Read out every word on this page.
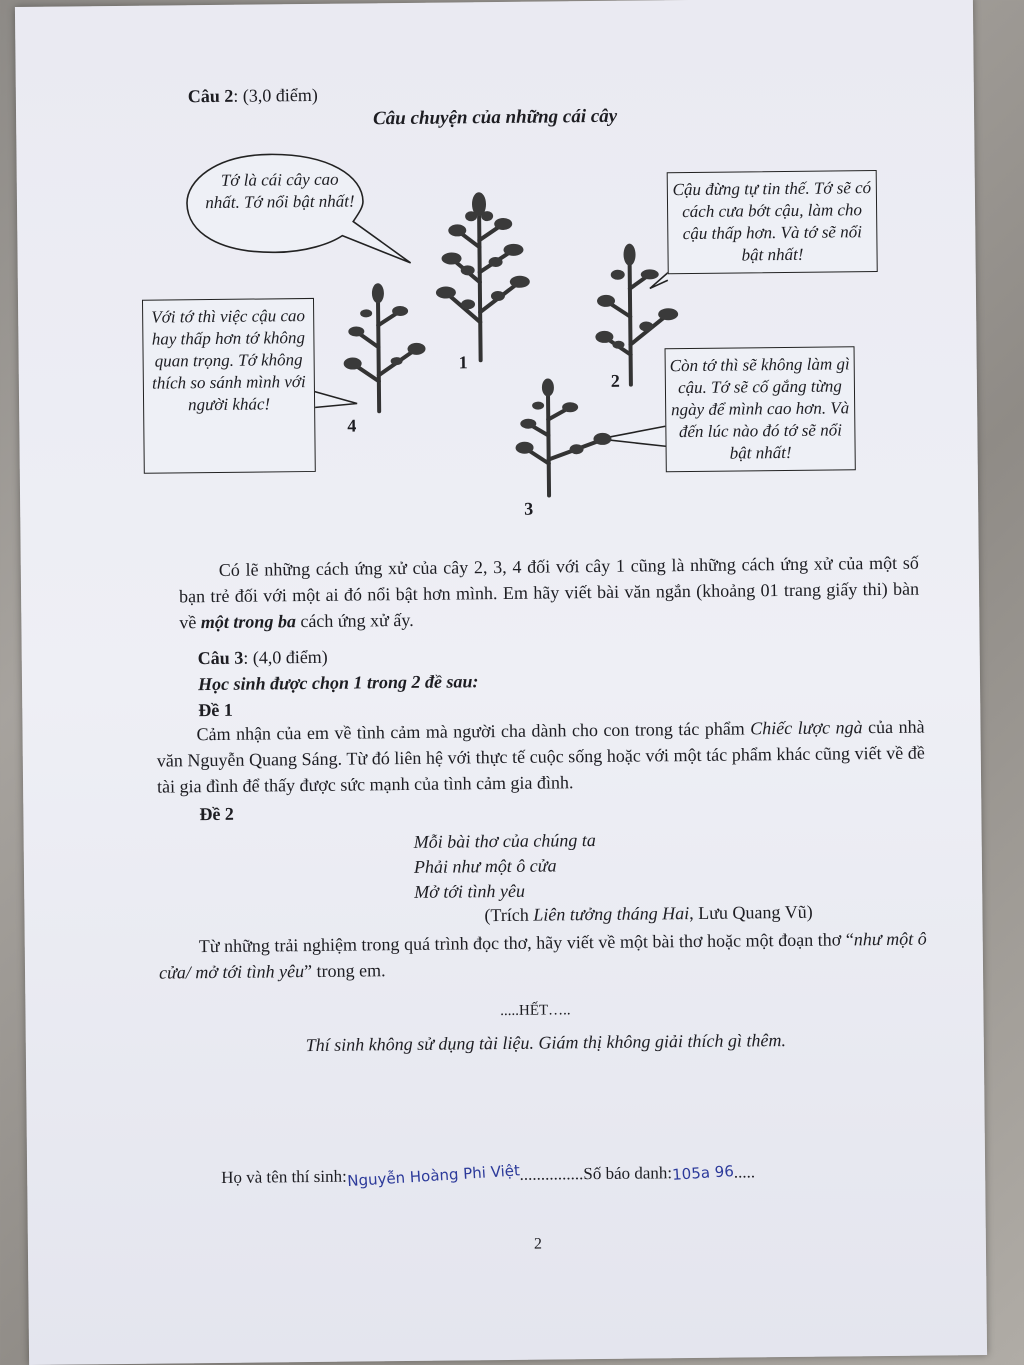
Câu 2: (3,0 điểm)
Câu chuyện của những cái cây
Tớ là cái cây cao nhất. Tớ nổi bật nhất!
Cậu đừng tự tin thế. Tớ sẽ có cách cưa bớt cậu, làm cho cậu thấp hơn. Và tớ sẽ nổi bật nhất!
Với tớ thì việc cậu cao hay thấp hơn tớ không quan trọng. Tớ không thích so sánh mình với người khác!
Còn tớ thì sẽ không làm gì cậu. Tớ sẽ cố gắng từng ngày để mình cao hơn. Và đến lúc nào đó tớ sẽ nổi bật nhất!
1
2
3
4
Có lẽ những cách ứng xử của cây 2, 3, 4 đối với cây 1 cũng là những cách ứng xử của một số bạn trẻ đối với một ai đó nổi bật hơn mình. Em hãy viết bài văn ngắn (khoảng 01 trang giấy thi) bàn về một trong ba cách ứng xử ấy.
Câu 3: (4,0 điểm)
Học sinh được chọn 1 trong 2 đề sau:
Đề 1
Cảm nhận của em về tình cảm mà người cha dành cho con trong tác phẩm Chiếc lược ngà của nhà văn Nguyễn Quang Sáng. Từ đó liên hệ với thực tế cuộc sống hoặc với một tác phẩm khác cũng viết về đề tài gia đình để thấy được sức mạnh của tình cảm gia đình.
Đề 2
Mỗi bài thơ của chúng ta
Phải như một ô cửa
Mở tới tình yêu
(Trích Liên tưởng tháng Hai, Lưu Quang Vũ)
Từ những trải nghiệm trong quá trình đọc thơ, hãy viết về một bài thơ hoặc một đoạn thơ “như một ô cửa/ mở tới tình yêu” trong em.
.....HẾT…..
Thí sinh không sử dụng tài liệu. Giám thị không giải thích gì thêm.
Họ và tên thí sinh:Nguyễn Hoàng Phi Việt...............Số báo danh:105a 96.....
2
